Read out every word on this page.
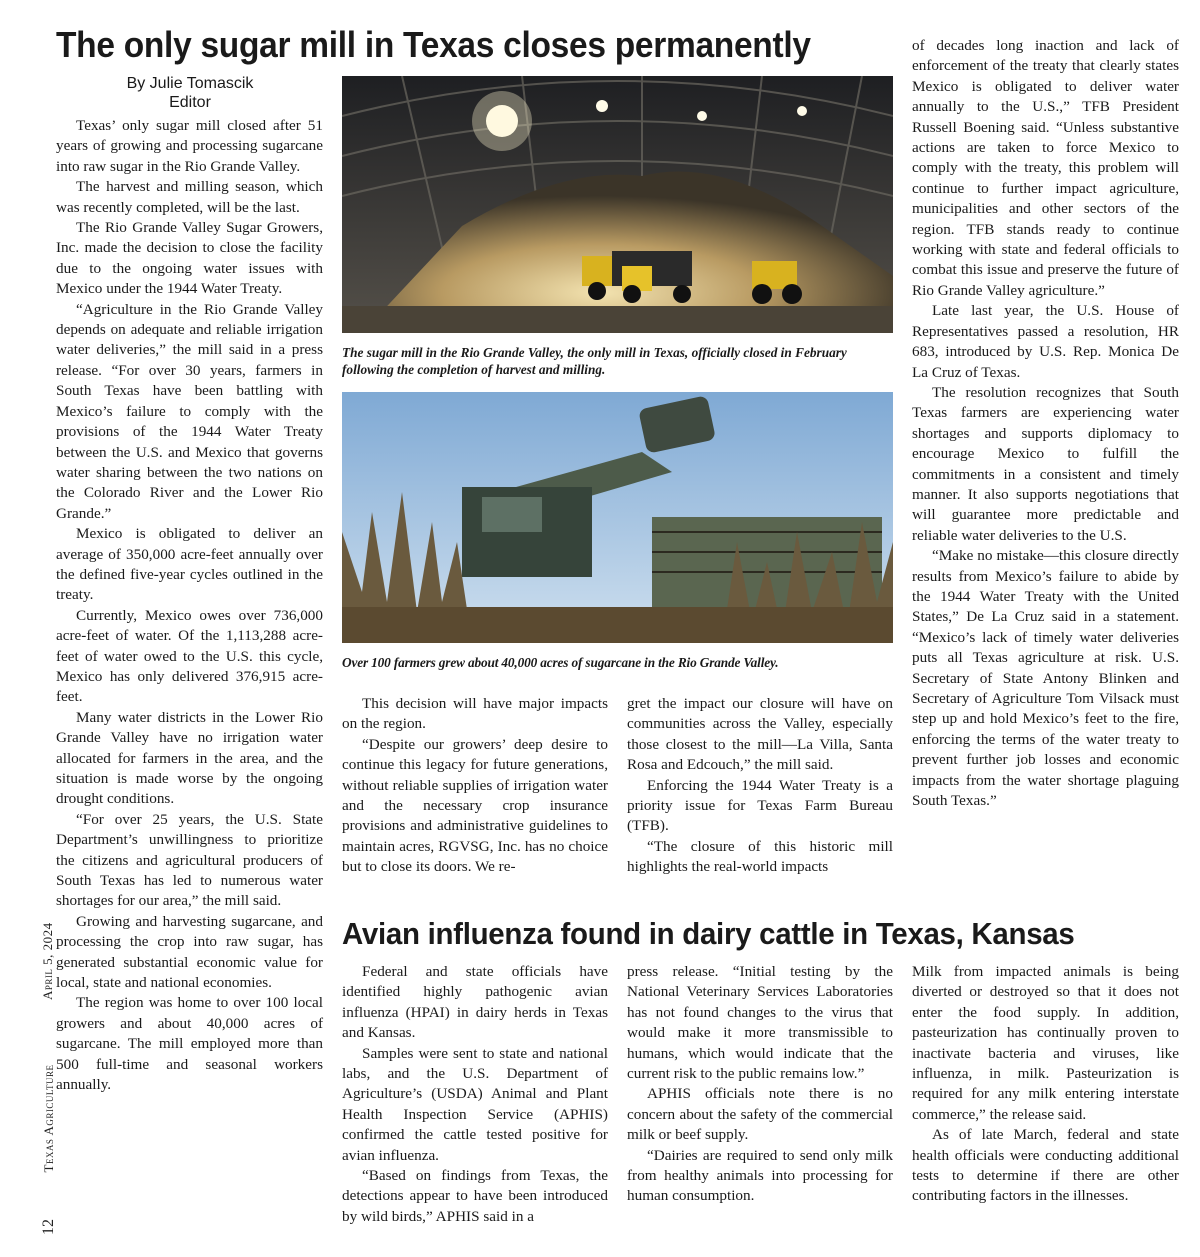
12  Texas Agriculture
April 5, 2024
The only sugar mill in Texas closes permanently
By Julie Tomascik
Editor

Texas’ only sugar mill closed after 51 years of growing and processing sugarcane into raw sugar in the Rio Grande Valley.

The harvest and milling season, which was recently completed, will be the last.

The Rio Grande Valley Sugar Growers, Inc. made the decision to close the facility due to the ongoing water issues with Mexico under the 1944 Water Treaty.

“Agriculture in the Rio Grande Valley depends on adequate and reliable irrigation water deliveries,” the mill said in a press release. “For over 30 years, farmers in South Texas have been battling with Mexico’s failure to comply with the provisions of the 1944 Water Treaty between the U.S. and Mexico that governs water sharing between the two nations on the Colorado River and the Lower Rio Grande.”

Mexico is obligated to deliver an average of 350,000 acre-feet annually over the defined five-year cycles outlined in the treaty.

Currently, Mexico owes over 736,000 acre-feet of water. Of the 1,113,288 acre-feet of water owed to the U.S. this cycle, Mexico has only delivered 376,915 acre-feet.

Many water districts in the Lower Rio Grande Valley have no irrigation water allocated for farmers in the area, and the situation is made worse by the ongoing drought conditions.

“For over 25 years, the U.S. State Department’s unwillingness to prioritize the citizens and agricultural producers of South Texas has led to numerous water shortages for our area,” the mill said.

Growing and harvesting sugarcane, and processing the crop into raw sugar, has generated substantial economic value for local, state and national economies.

The region was home to over 100 local growers and about 40,000 acres of sugarcane. The mill employed more than 500 full-time and seasonal workers annually.

The sugar mill in the Rio Grande Valley, the only mill in Texas, officially closed in February following the completion of harvest and milling.
Over 100 farmers grew about 40,000 acres of sugarcane in the Rio Grande Valley.

This decision will have major impacts on the region.

“Despite our growers’ deep desire to continue this legacy for future generations, without reliable supplies of irrigation water and the necessary crop insurance provisions and administrative guidelines to maintain acres, RGVSG, Inc. has no choice but to close its doors. We re-

gret the impact our closure will have on communities across the Valley, especially those closest to the mill—La Villa, Santa Rosa and Edcouch,” the mill said.

Enforcing the 1944 Water Treaty is a priority issue for Texas Farm Bureau (TFB).

“The closure of this historic mill highlights the real-world impacts

of decades long inaction and lack of enforcement of the treaty that clearly states Mexico is obligated to deliver water annually to the U.S.,” TFB President Russell Boening said. “Unless substantive actions are taken to force Mexico to comply with the treaty, this problem will continue to further impact agriculture, municipalities and other sectors of the region. TFB stands ready to continue working with state and federal officials to combat this issue and preserve the future of Rio Grande Valley agriculture.”

Late last year, the U.S. House of Representatives passed a resolution, HR 683, introduced by U.S. Rep. Monica De La Cruz of Texas.

The resolution recognizes that South Texas farmers are experiencing water shortages and supports diplomacy to encourage Mexico to fulfill the commitments in a consistent and timely manner. It also supports negotiations that will guarantee more predictable and reliable water deliveries to the U.S.

“Make no mistake—this closure directly results from Mexico’s failure to abide by the 1944 Water Treaty with the United States,” De La Cruz said in a statement. “Mexico’s lack of timely water deliveries puts all Texas agriculture at risk. U.S. Secretary of State Antony Blinken and Secretary of Agriculture Tom Vilsack must step up and hold Mexico’s feet to the fire, enforcing the terms of the water treaty to prevent further job losses and economic impacts from the water shortage plaguing South Texas.”

Avian influenza found in dairy cattle in Texas, Kansas

Federal and state officials have identified highly pathogenic avian influenza (HPAI) in dairy herds in Texas and Kansas.

Samples were sent to state and national labs, and the U.S. Department of Agriculture’s (USDA) Animal and Plant Health Inspection Service (APHIS) confirmed the cattle tested positive for avian influenza.

“Based on findings from Texas, the detections appear to have been introduced by wild birds,” APHIS said in a

press release. “Initial testing by the National Veterinary Services Laboratories has not found changes to the virus that would make it more transmissible to humans, which would indicate that the current risk to the public remains low.”

APHIS officials note there is no concern about the safety of the commercial milk or beef supply.

“Dairies are required to send only milk from healthy animals into processing for human consumption.

Milk from impacted animals is being diverted or destroyed so that it does not enter the food supply. In addition, pasteurization has continually proven to inactivate bacteria and viruses, like influenza, in milk. Pasteurization is required for any milk entering interstate commerce,” the release said.

As of late March, federal and state health officials were conducting additional tests to determine if there are other contributing factors in the illnesses.
